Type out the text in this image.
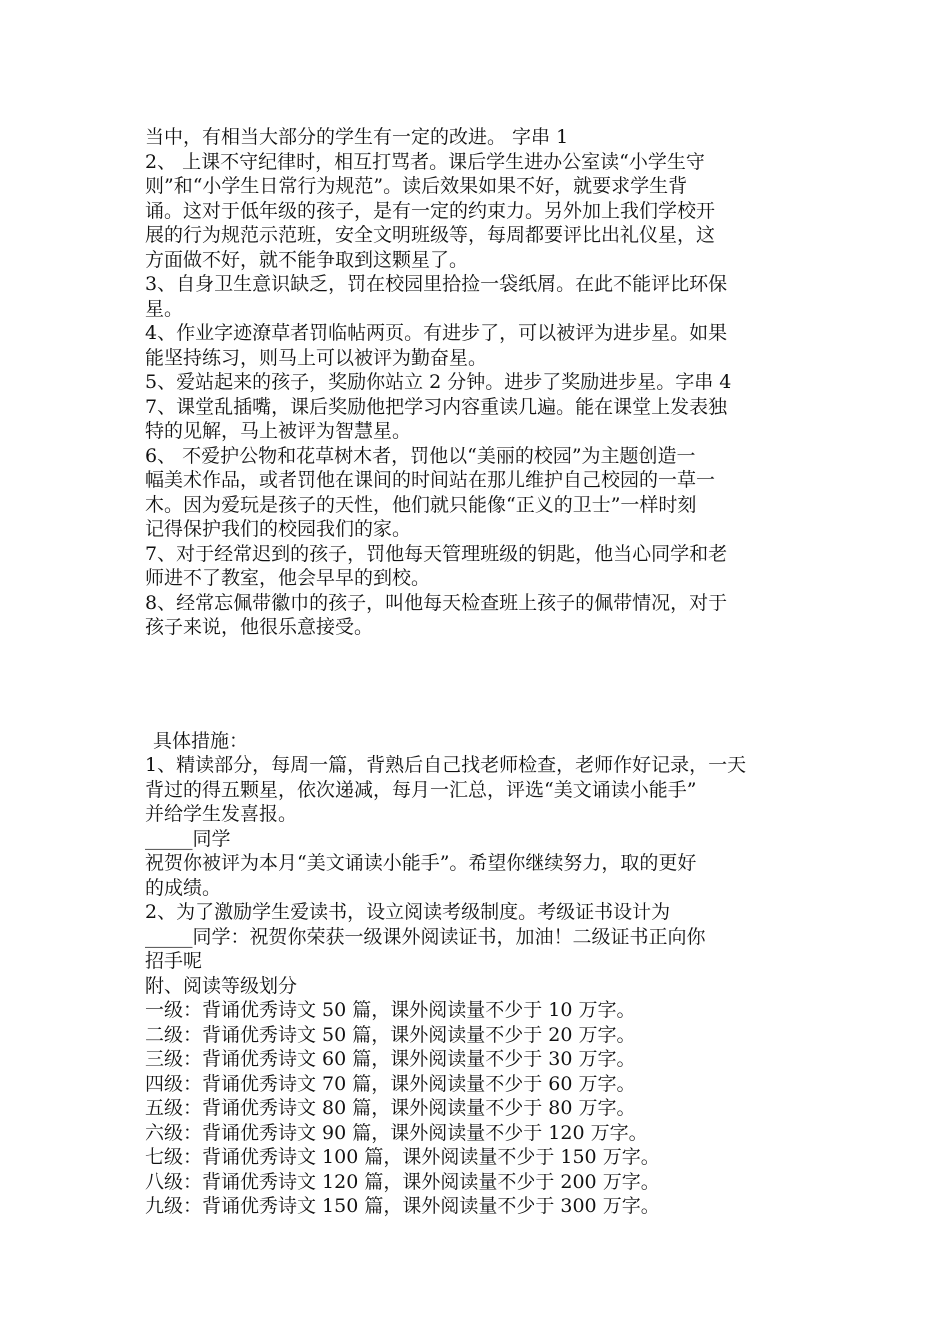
当中，有相当大部分的学生有一定的改进。 字串 1

2、 上课不守纪律时，相互打骂者。课后学生进办公室读“小学生守

则”和“小学生日常行为规范”。读后效果如果不好，就要求学生背

诵。这对于低年级的孩子，是有一定的约束力。另外加上我们学校开

展的行为规范示范班，安全文明班级等，每周都要评比出礼仪星，这

方面做不好，就不能争取到这颗星了。

3、自身卫生意识缺乏，罚在校园里拾捡一袋纸屑。在此不能评比环保

星。

4、作业字迹潦草者罚临帖两页。有进步了，可以被评为进步星。如果

能坚持练习，则马上可以被评为勤奋星。

5、爱站起来的孩子，奖励你站立 2 分钟。进步了奖励进步星。字串 4

7、课堂乱插嘴，课后奖励他把学习内容重读几遍。能在课堂上发表独

特的见解，马上被评为智慧星。

6、 不爱护公物和花草树木者，罚他以“美丽的校园”为主题创造一

幅美术作品，或者罚他在课间的时间站在那儿维护自己校园的一草一

木。因为爱玩是孩子的天性，他们就只能像“正义的卫士”一样时刻

记得保护我们的校园我们的家。

7、对于经常迟到的孩子，罚他每天管理班级的钥匙，他当心同学和老

师进不了教室，他会早早的到校。

8、经常忘佩带徽巾的孩子，叫他每天检查班上孩子的佩带情况，对于

孩子来说，他很乐意接受。

具体措施：

1、精读部分，每周一篇，背熟后自己找老师检查，老师作好记录，一天

背过的得五颗星，依次递减，每月一汇总，评选“美文诵读小能手”

并给学生发喜报。

_____同学

祝贺你被评为本月“美文诵读小能手”。希望你继续努力，取的更好

的成绩。

2、为了激励学生爱读书，设立阅读考级制度。考级证书设计为

_____同学：祝贺你荣获一级课外阅读证书，加油！二级证书正向你

招手呢

附、阅读等级划分

一级：背诵优秀诗文 50 篇，课外阅读量不少于 10 万字。

二级：背诵优秀诗文 50 篇，课外阅读量不少于 20 万字。

三级：背诵优秀诗文 60 篇，课外阅读量不少于 30 万字。

四级：背诵优秀诗文 70 篇，课外阅读量不少于 60 万字。

五级：背诵优秀诗文 80 篇，课外阅读量不少于 80 万字。

六级：背诵优秀诗文 90 篇，课外阅读量不少于 120 万字。

七级：背诵优秀诗文 100 篇，课外阅读量不少于 150 万字。

八级：背诵优秀诗文 120 篇，课外阅读量不少于 200 万字。

九级：背诵优秀诗文 150 篇，课外阅读量不少于 300 万字。
